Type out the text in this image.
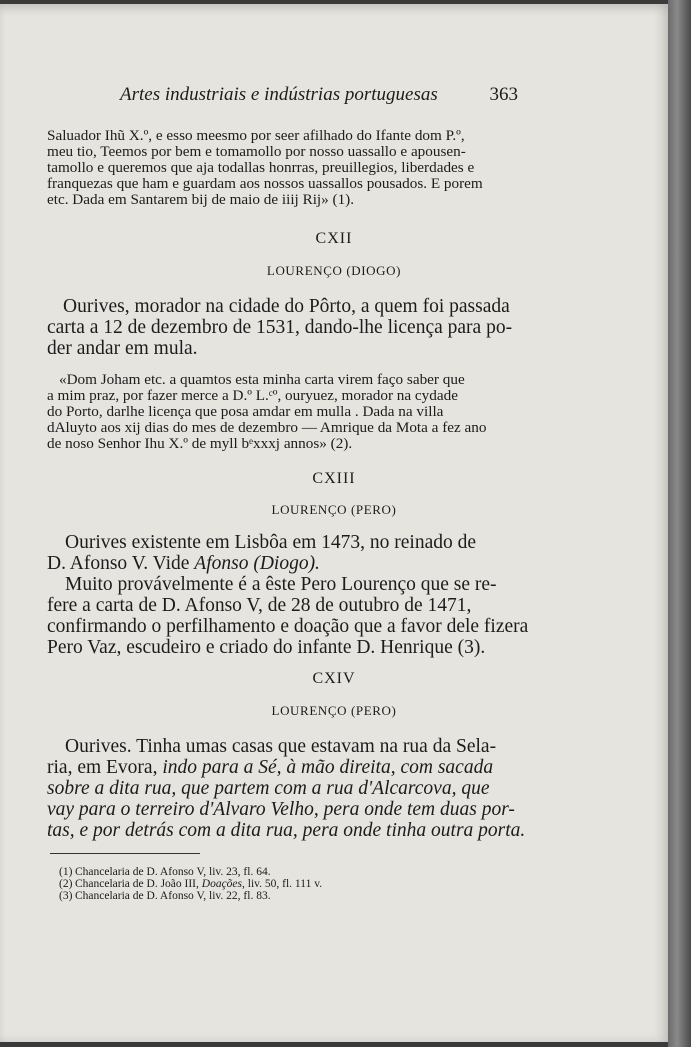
Artes industriais e indústrias portuguesas	363
Saluador Ihũ X.º, e esso meesmo por seer afilhado do Ifante dom P.º,
meu tio, Teemos por bem e tomamollo por nosso uassallo e apousen-
tamollo e queremos que aja todallas honrras, preuillegios, liberdades e
franquezas que ham e guardam aos nossos uassallos pousados. E porem
etc. Dada em Santarem bij de maio de iiij Rij» (1).
CXII
LOURENÇO (DIOGO)
Ourives, morador na cidade do Pôrto, a quem foi passada
carta a 12 de dezembro de 1531, dando-lhe licença para po-
der andar em mula.
«Dom Joham etc. a quamtos esta minha carta virem faço saber que
a mim praz, por fazer merce a D.º L.ᶜº, ouryuez, morador na cydade
do Porto, darlhe licença que posa amdar em mulla . Dada na villa
dAluyto aos xij dias do mes de dezembro — Amrique da Mota a fez ano
de noso Senhor Ihu X.º de myll bᵉxxxj annos» (2).
CXIII
LOURENÇO (PERO)
Ourives existente em Lisbôa em 1473, no reinado de
D. Afonso V. Vide Afonso (Diogo).
Muito provávelmente é a êste Pero Lourenço que se re-
fere a carta de D. Afonso V, de 28 de outubro de 1471,
confirmando o perfilhamento e doação que a favor dele fizera
Pero Vaz, escudeiro e criado do infante D. Henrique (3).
CXIV
LOURENÇO (PERO)
Ourives. Tinha umas casas que estavam na rua da Sela-
ria, em Evora, indo para a Sé, à mão direita, com sacada
sobre a dita rua, que partem com a rua d'Alcarcova, que
vay para o terreiro d'Alvaro Velho, pera onde tem duas por-
tas, e por detrás com a dita rua, pera onde tinha outra porta.
(1) Chancelaria de D. Afonso V, liv. 23, fl. 64.
(2) Chancelaria de D. João III, Doações, liv. 50, fl. 111 v.
(3) Chancelaria de D. Afonso V, liv. 22, fl. 83.
